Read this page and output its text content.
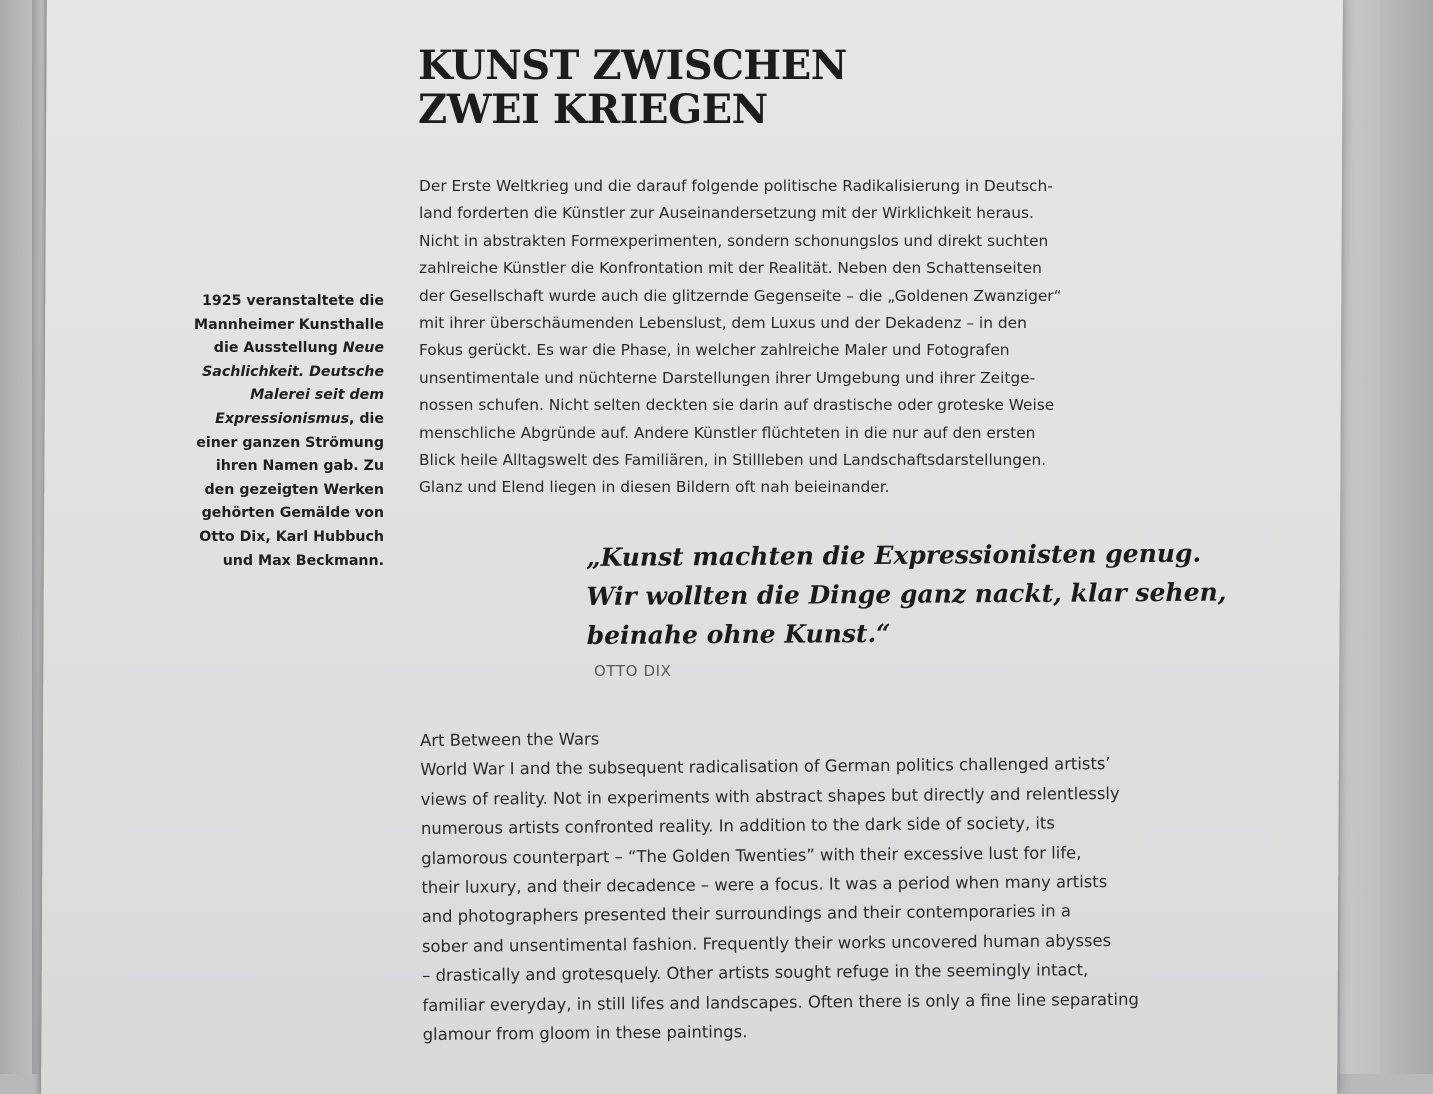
KUNST ZWISCHEN
ZWEI KRIEGEN

1925 veranstaltete die
Mannheimer Kunsthalle
die Ausstellung Neue
Sachlichkeit. Deutsche
Malerei seit dem
Expressionismus, die
einer ganzen Strömung
ihren Namen gab. Zu
den gezeigten Werken
gehörten Gemälde von
Otto Dix, Karl Hubbuch
und Max Beckmann.

Der Erste Weltkrieg und die darauf folgende politische Radikalisierung in Deutsch-
land forderten die Künstler zur Auseinandersetzung mit der Wirklichkeit heraus.
Nicht in abstrakten Formexperimenten, sondern schonungslos und direkt suchten
zahlreiche Künstler die Konfrontation mit der Realität. Neben den Schattenseiten
der Gesellschaft wurde auch die glitzernde Gegenseite – die „Goldenen Zwanziger“
mit ihrer überschäumenden Lebenslust, dem Luxus und der Dekadenz – in den
Fokus gerückt. Es war die Phase, in welcher zahlreiche Maler und Fotografen
unsentimentale und nüchterne Darstellungen ihrer Umgebung und ihrer Zeitge-
nossen schufen. Nicht selten deckten sie darin auf drastische oder groteske Weise
menschliche Abgründe auf. Andere Künstler flüchteten in die nur auf den ersten
Blick heile Alltagswelt des Familiären, in Stillleben und Landschaftsdarstellungen.
Glanz und Elend liegen in diesen Bildern oft nah beieinander.

„Kunst machten die Expressionisten genug.
Wir wollten die Dinge ganz nackt, klar sehen,
beinahe ohne Kunst.“

OTTO DIX

Art Between the Wars
World War I and the subsequent radicalisation of German politics challenged artists’
views of reality. Not in experiments with abstract shapes but directly and relentlessly
numerous artists confronted reality. In addition to the dark side of society, its
glamorous counterpart – “The Golden Twenties” with their excessive lust for life,
their luxury, and their decadence – were a focus. It was a period when many artists
and photographers presented their surroundings and their contemporaries in a
sober and unsentimental fashion. Frequently their works uncovered human abysses
– drastically and grotesquely. Other artists sought refuge in the seemingly intact,
familiar everyday, in still lifes and landscapes. Often there is only a fine line separating
glamour from gloom in these paintings.
